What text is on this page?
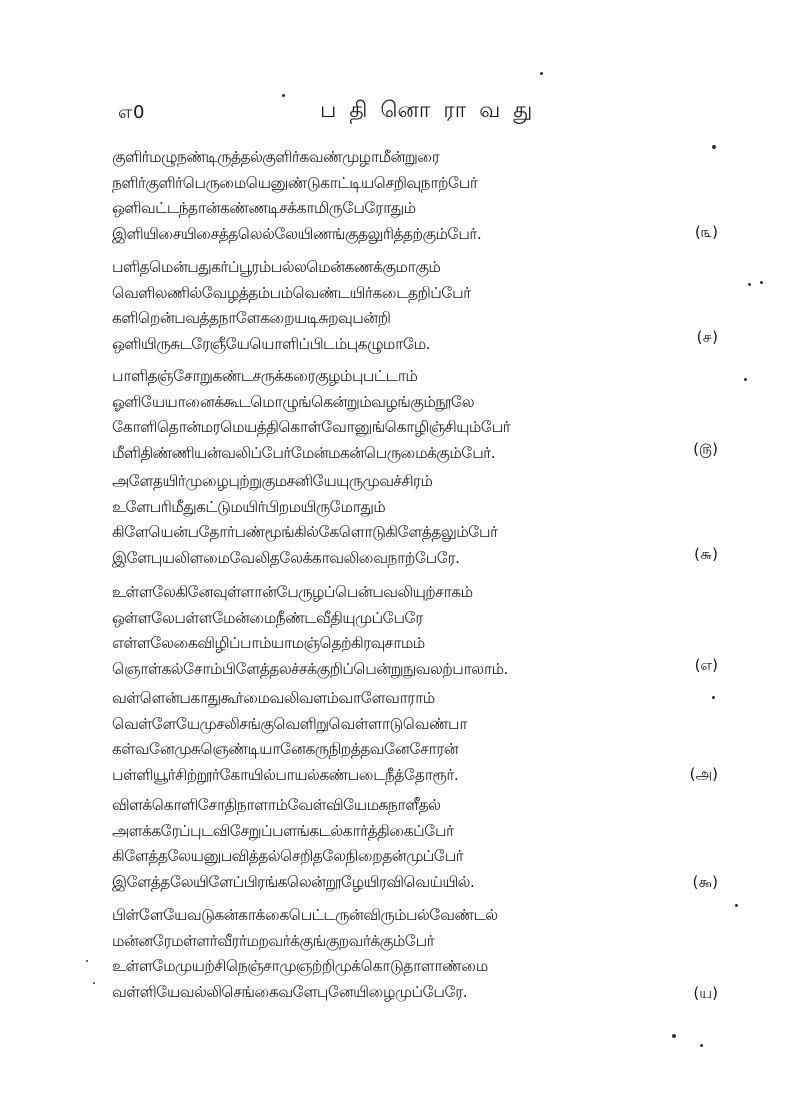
எ0	பதினொராவது
குளிர்மழுநண்டிருத்தல்குளிர்கவண்முழாமீன்றுரை
நளிர்குளிர்பெருமையெனுண்டுகாட்டியசெறிவுநாற்பேர்
ஒளிவட்டந்தான்கண்ணடிசக்காமிருபேரோதும்
இளியிசையிசைத்தலெல்லேயிணங்குதலுரித்தற்கும்பேர்.	(௩)
பளிதமென்பதுகர்ப்பூரம்பல்லமென்கணக்குமாகும்
வெளிலணில்வேழத்தம்பம்வெண்டயிர்கடைதறிப்பேர்
களிறென்பவத்தநாளேகறையடிசுறவுபன்றி
ஒளியிருசுடரேஞீயேயொளிப்பிடம்புகழுமாமே.	(௪)
பாளிதஞ்சோறுகண்டசருக்கரைகுழம்புபட்டாம்
ஓளியேயானைக்கூடமொழுங்கென்றும்வழங்கும்நூலே
கோளிதொன்மரமெயத்திகொள்வோனுங்கொழிஞ்சியும்பேர்
மீளிதிண்ணியன்வலிப்பேர்மேன்மகன்பெருமைக்கும்பேர்.	(௫)
அளேதயிர்முழைபுற்றுகுமசனியேயுருமுவச்சிரம்
உளேபரிமீதுகட்டுமயிர்பிறமயிருமோதும்
கிளேயென்பதோர்பண்மூங்கில்கேளொடுகிளேத்தலும்பேர்
இளேபுயலிளமைவேலிதலேக்காவலிவைநாற்பேரே.	(௬)
உள்ளலேகினேவுள்ளான்பேருழப்பென்பவலியுற்சாகம்
ஒள்ளலேபள்ளமேன்மைநீண்டவீதியுமுப்பேரே
எள்ளலேகைவிழிப்பாம்யாமஞ்தெற்கிரவுசாமம்
ஞொள்கல்சோம்பிளேத்தலச்சக்குறிப்பென்றுநுவலற்பாலாம்.	(எ)
வள்ளென்பகாதுகூர்மைவலிவளம்வாளேவாராம்
வெள்ளேயேமுசலிசங்குவெளிறுவெள்ளாடுவெண்பா
கள்வனேமுசுஞெண்டியானேகருநிறத்தவனேசோரன்
பள்ளியூர்சிற்றூர்கோயில்பாயல்கண்படைநீத்தோரூர்.	(அ)
விளக்கொளிசோதிநாளாம்வேள்வியேமகநாளீதல்
அளக்கரேப்புடவிசேறுப்பளங்கடல்கார்த்திகைப்பேர்
கிளேத்தலேயனுபவித்தல்செறிதலேநிறைதன்முப்பேர்
இளேத்தலேயிளேப்பிரங்கலென்றூழேயிரவிவெய்யில்.	(௯)
பிள்ளேயேவடுகன்காக்கைபெட்டருன்விரும்பல்வேண்டல்
மன்னரேமள்ளர்வீரர்மறவர்க்குங்குறவர்க்கும்பேர்
உள்ளமேமுயற்சிநெஞ்சாமுஞற்றிமுக்கொடுதாளாண்மை
வள்ளியேவல்லிசெங்கைவளேபுனேயிழைமுப்பேரே.	(ய)
